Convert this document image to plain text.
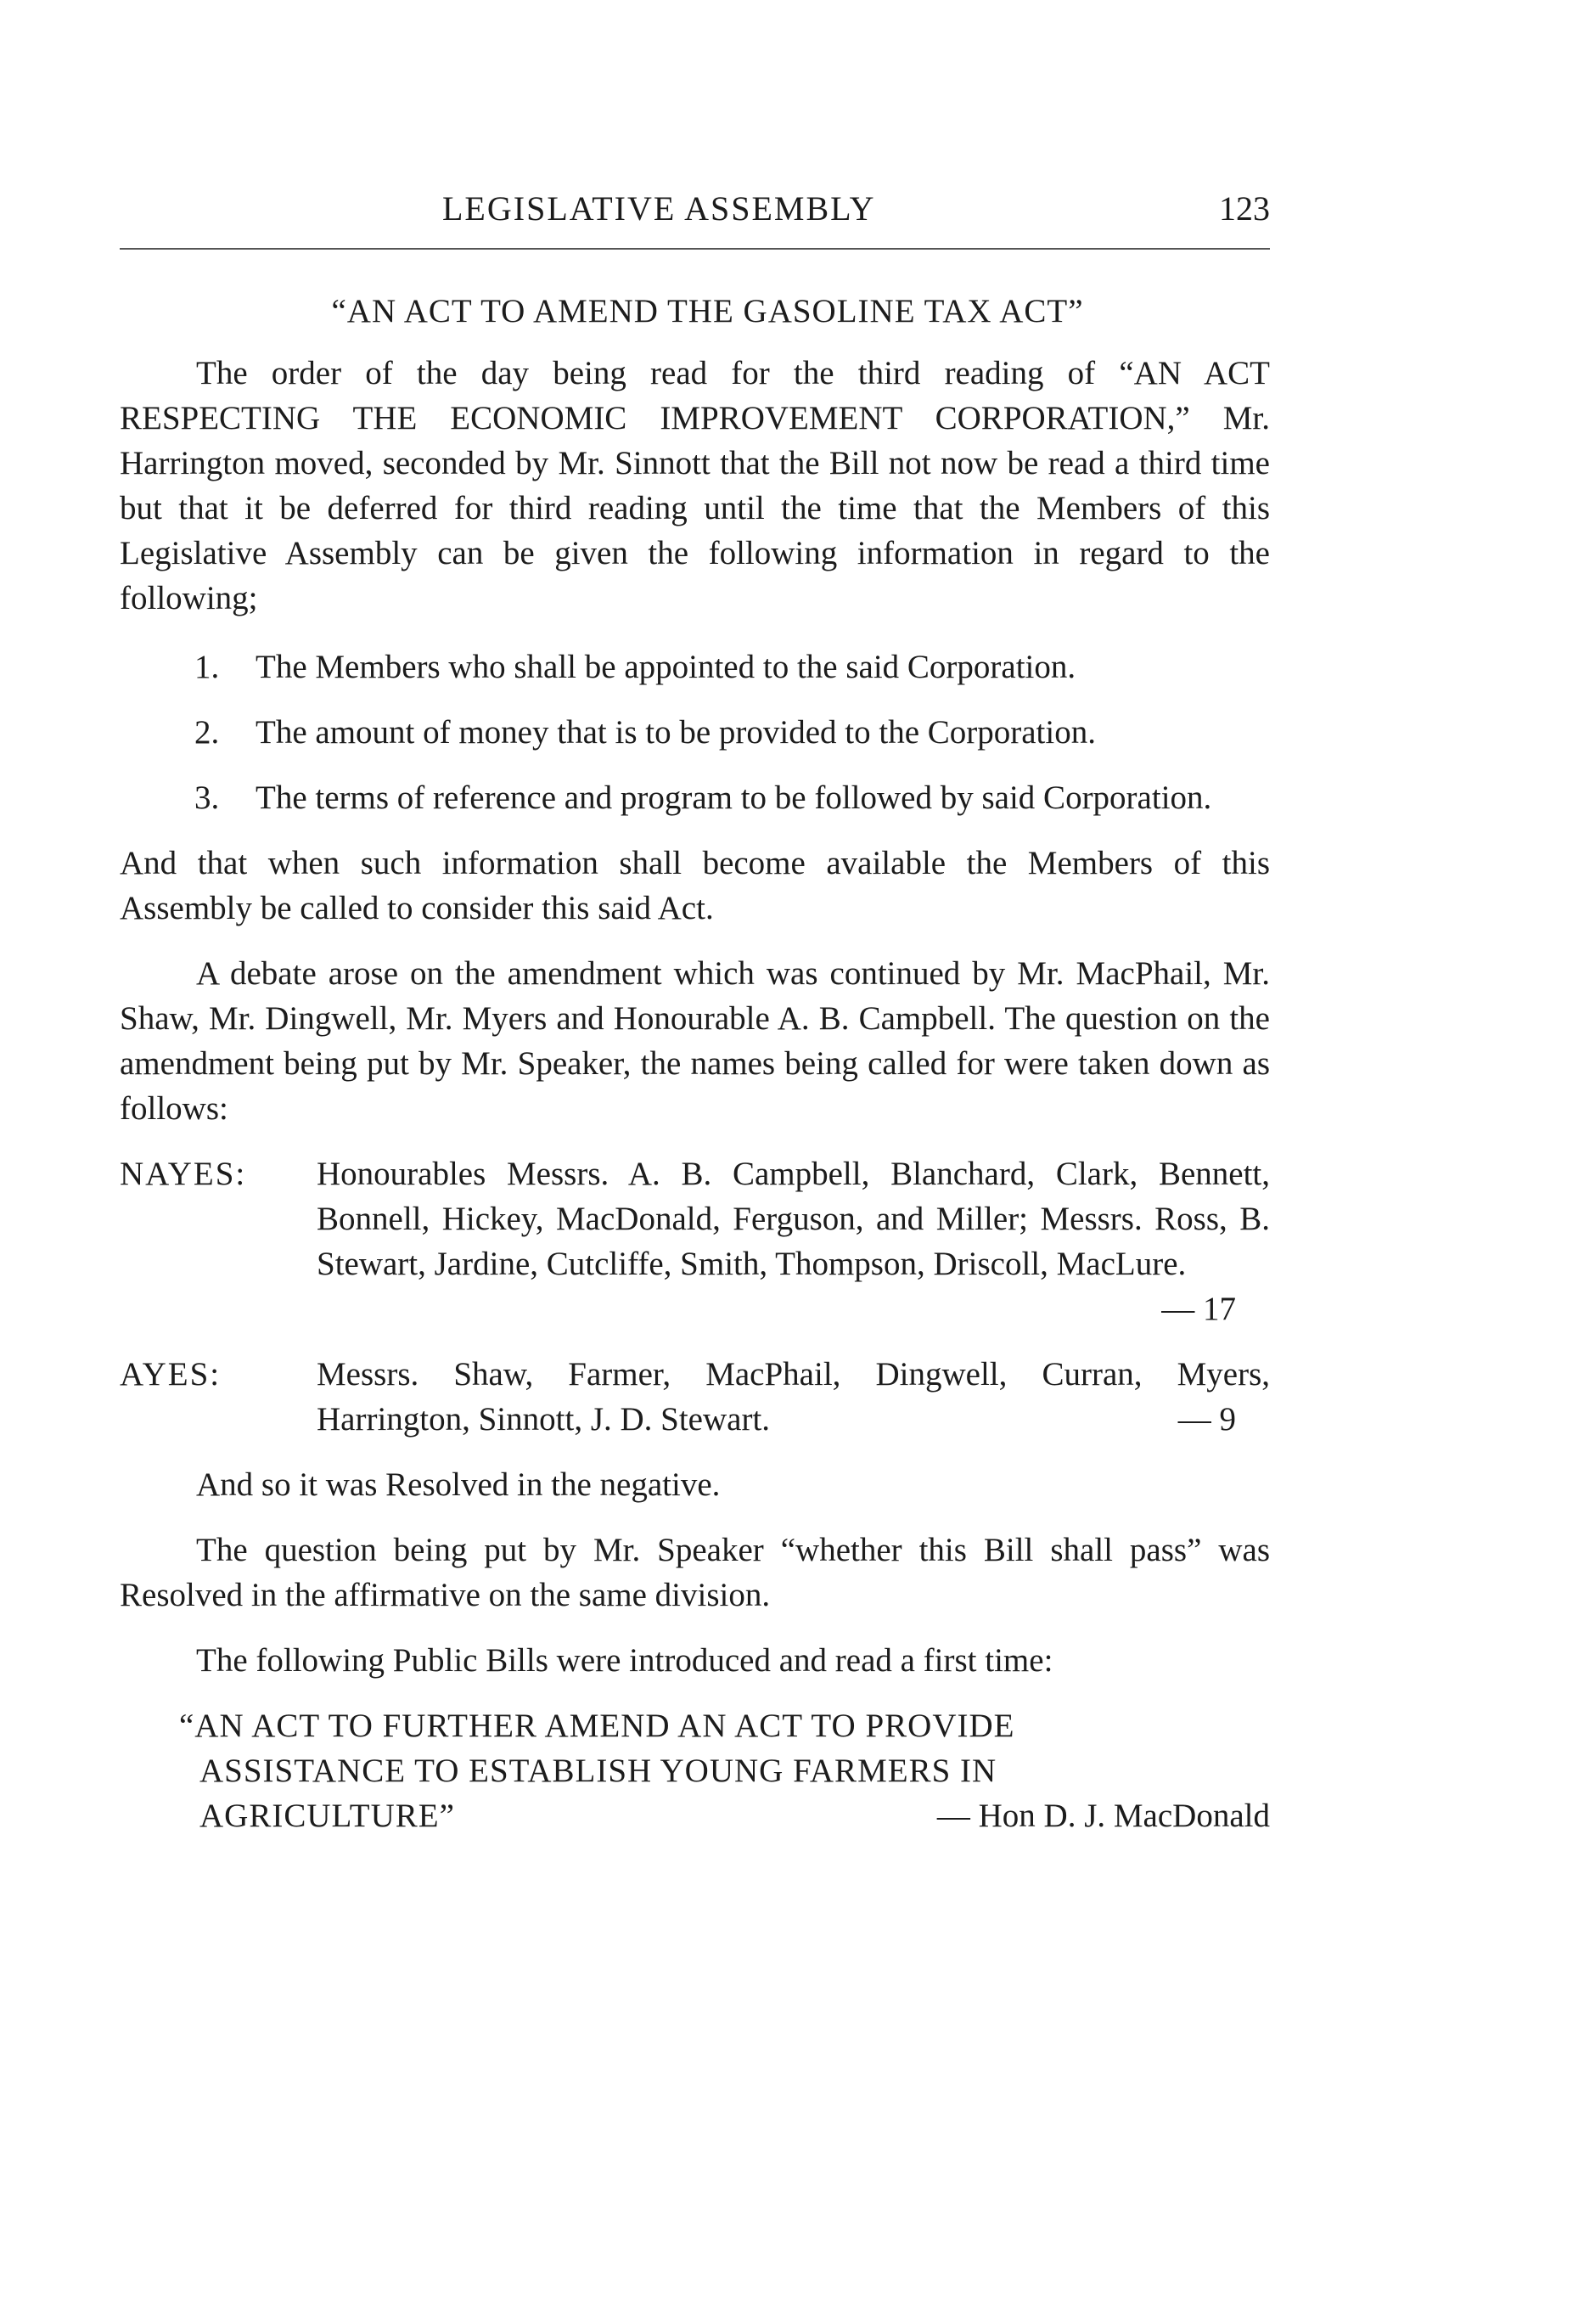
LEGISLATIVE ASSEMBLY	123
“AN ACT TO AMEND THE GASOLINE TAX ACT”

The order of the day being read for the third reading of “AN ACT RESPECTING THE ECONOMIC IMPROVEMENT CORPORATION,” Mr. Harrington moved, seconded by Mr. Sinnott that the Bill not now be read a third time but that it be deferred for third reading until the time that the Members of this Legislative Assembly can be given the following information in regard to the following;

1.	The Members who shall be appointed to the said Corporation.
2.	The amount of money that is to be provided to the Corporation.
3.	The terms of reference and program to be followed by said Corporation.

And that when such information shall become available the Members of this Assembly be called to consider this said Act.

A debate arose on the amendment which was continued by Mr. MacPhail, Mr. Shaw, Mr. Dingwell, Mr. Myers and Honourable A. B. Campbell. The question on the amendment being put by Mr. Speaker, the names being called for were taken down as follows:

NAYES:	Honourables Messrs. A. B. Campbell, Blanchard, Clark, Bennett, Bonnell, Hickey, MacDonald, Ferguson, and Miller; Messrs. Ross, B. Stewart, Jardine, Cutcliffe, Smith, Thompson, Driscoll, MacLure.
— 17
AYES:	Messrs. Shaw, Farmer, MacPhail, Dingwell, Curran, Myers, Harrington, Sinnott, J. D. Stewart.	— 9

And so it was Resolved in the negative.

The question being put by Mr. Speaker “whether this Bill shall pass” was Resolved in the affirmative on the same division.

The following Public Bills were introduced and read a first time:

“AN ACT TO FURTHER AMEND AN ACT TO PROVIDE
ASSISTANCE TO ESTABLISH YOUNG FARMERS IN
AGRICULTURE”	— Hon D. J. MacDonald
